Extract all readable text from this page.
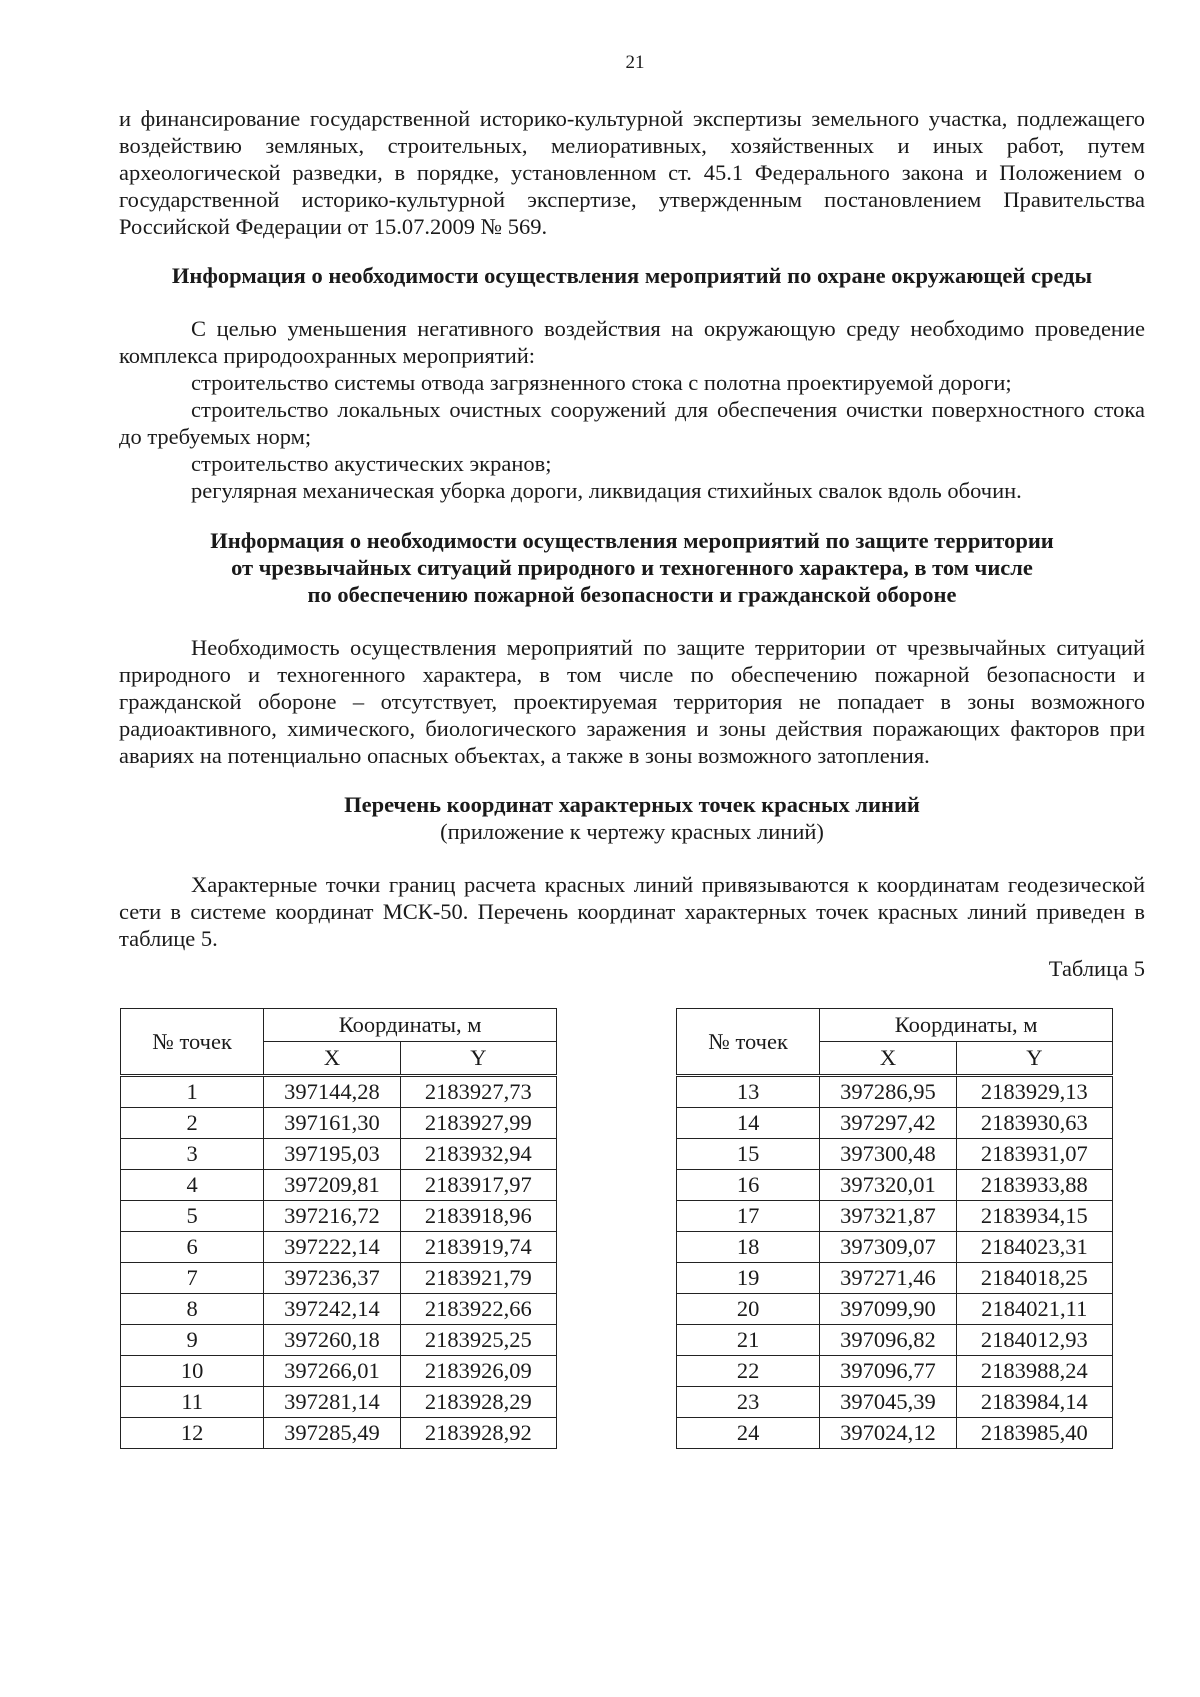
21

и финансирование государственной историко-культурной экспертизы земельного участка, подлежащего воздействию земляных, строительных, мелиоративных, хозяйственных и иных работ, путем археологической разведки, в порядке, установленном ст. 45.1 Федерального закона и Положением о государственной историко-культурной экспертизе, утвержденным постановлением Правительства Российской Федерации от 15.07.2009 № 569.

Информация о необходимости осуществления мероприятий по охране окружающей среды

С целью уменьшения негативного воздействия на окружающую среду необходимо проведение комплекса природоохранных мероприятий:

строительство системы отвода загрязненного стока с полотна проектируемой дороги;

строительство локальных очистных сооружений для обеспечения очистки поверхностного стока до требуемых норм;

строительство акустических экранов;

регулярная механическая уборка дороги, ликвидация стихийных свалок вдоль обочин.

Информация о необходимости осуществления мероприятий по защите территории
от чрезвычайных ситуаций природного и техногенного характера, в том числе
по обеспечению пожарной безопасности и гражданской обороне

Необходимость осуществления мероприятий по защите территории от чрезвычайных ситуаций природного и техногенного характера, в том числе по обеспечению пожарной безопасности и гражданской обороне – отсутствует, проектируемая территория не попадает в зоны возможного радиоактивного, химического, биологического заражения и зоны действия поражающих факторов при авариях на потенциально опасных объектах, а также в зоны возможного затопления.

Перечень координат характерных точек красных линий

(приложение к чертежу красных линий)

Характерные точки границ расчета красных линий привязываются к координатам геодезической сети в системе координат МСК-50. Перечень координат характерных точек красных линий приведен в таблице 5.

Таблица 5

№ точек	Координаты, м	
	X	Y
1	397144,28	2183927,73
2	397161,30	2183927,99
3	397195,03	2183932,94
4	397209,81	2183917,97
5	397216,72	2183918,96
6	397222,14	2183919,74
7	397236,37	2183921,79
8	397242,14	2183922,66
9	397260,18	2183925,25
10	397266,01	2183926,09
11	397281,14	2183928,29
12	397285,49	2183928,92
№ точек	Координаты, м	
	X	Y
13	397286,95	2183929,13
14	397297,42	2183930,63
15	397300,48	2183931,07
16	397320,01	2183933,88
17	397321,87	2183934,15
18	397309,07	2184023,31
19	397271,46	2184018,25
20	397099,90	2184021,11
21	397096,82	2184012,93
22	397096,77	2183988,24
23	397045,39	2183984,14
24	397024,12	2183985,40
